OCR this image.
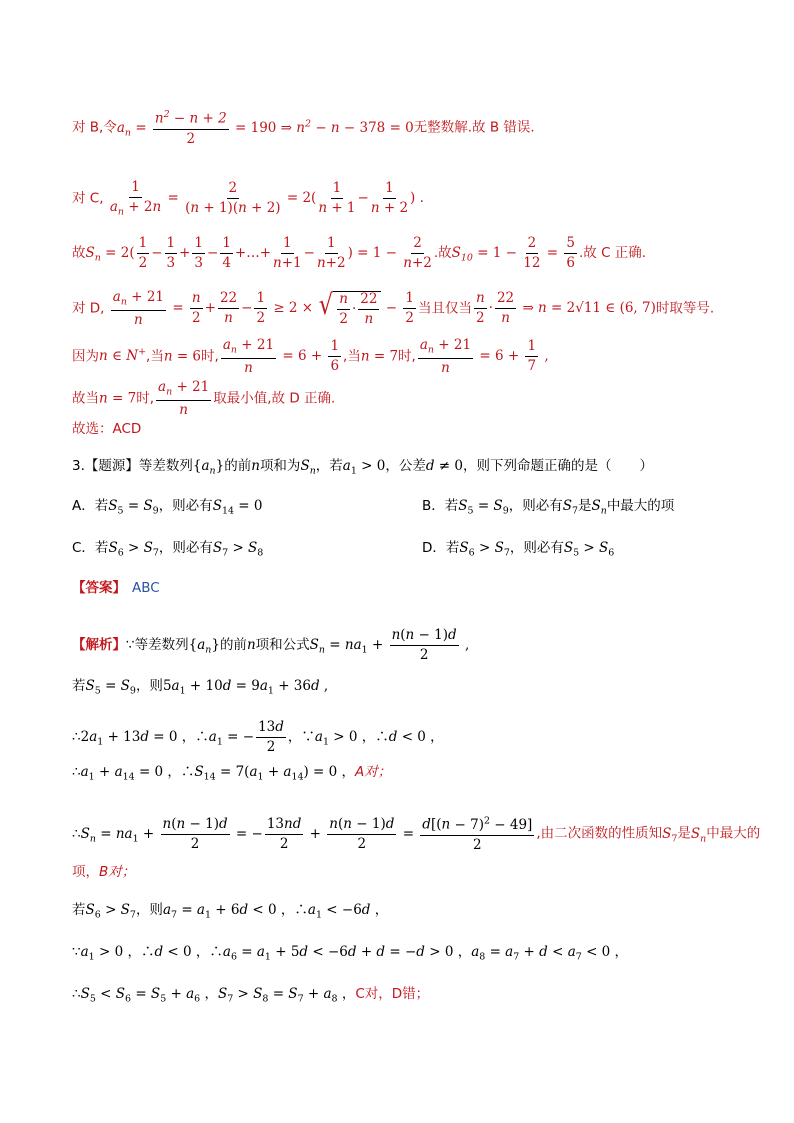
对 B,令$a_n = \frac{n^2 - n + 2}{2} = 190$ ⇒ $n^2 - n - 378 = 0$无整数解.故 B 错误.
对 C, $\frac{1}{a_n + 2n} = \frac{2}{(n + 1)(n + 2)} = 2( \frac{1}{n + 1} - \frac{1}{n + 2}$ ) .
故$S_n = 2( \frac{1}{2} - \frac{1}{3} + \frac{1}{3} - \frac{1}{4}$ +…+ $\frac{1}{n+1} - \frac{1}{n+2}$ ) = $1 - \frac{2}{n+2}$ .故$S_{10} = 1 - \frac{2}{12} = \frac{5}{6}$ .故 C 正确.
对 D, $\frac{a_n + 21}{n} = \frac{n}{2} + \frac{22}{n} - \frac{1}{2} \ge 2$ × √ $\frac{n}{2} \cdot \frac{22}{n} - \frac{1}{2}$ 当且仅当 $\frac{n}{2} \cdot \frac{22}{n}$ ⇒ n = 2√11 ∈ (6, 7)时取等号.
因为n ∈ N+,当n = 6时, $\frac{a_n + 21}{n} = 6 + \frac{1}{6}$ ,当n = 7时, $\frac{a_n + 21}{n} = 6 + \frac{1}{7}$ ,
故当n = 7时, $\frac{a_n + 21}{n}$ 取最小值,故 D 正确.
故选：ACD
3.【题源】等差数列$\{a_n\}$的前n项和为$S_n$，若$a_1 > 0$，公差d ≠ 0，则下列命题正确的是（ ）
A．若$S_5 = S_9$，则必有$S_{14} = 0$	B．若$S_5 = S_9$，则必有$S_7$是$S_n$中最大的项
C．若$S_6 > S_7$，则必有$S_7 > S_8$	D．若$S_6 > S_7$，则必有$S_5 > S_6$
【答案】 ABC
【解析】∵等差数列$\{a_n\}$的前n项和公式$S_n = na_1 + \frac{n(n - 1)d}{2}$ ,
若$S_5 = S_9$，则$5a_1 + 10d = 9a_1 + 36d$ ,
$\therefore 2a_1 + 13d = 0$ ，$\therefore a_1$ = − $\frac{13d}{2}$ ，$\because a_1 > 0$ ，∴d < 0 ，
$\therefore a_1 + a_{14} = 0$ ，$\therefore S_{14} = 7(a_1 + a_{14}) = 0$ ，A对；
$\therefore S_n = na_1 + \frac{n(n - 1)d}{2}$ = − $\frac{13nd}{2} + \frac{n(n - 1)d}{2} = \frac{d[(n - 7)^2 - 49]}{2}$ ,由二次函数的性质知$S_7$是$S_n$中最大的
项，B对；
若$S_6 > S_7$，则$a_7 = a_1 + 6d < 0$ ，$\therefore a_1 < -6d$ ，
$\because a_1 > 0$ ，∴d < 0 ，$\therefore a_6 = a_1 + 5d < -6d + d = -d > 0$ ，$a_8 = a_7 + d < a_7 < 0$ ，
$\therefore S_5 < S_6 = S_5 + a_6$ ，$S_7 > S_8 = S_7 + a_8$ ，C对，D错；
